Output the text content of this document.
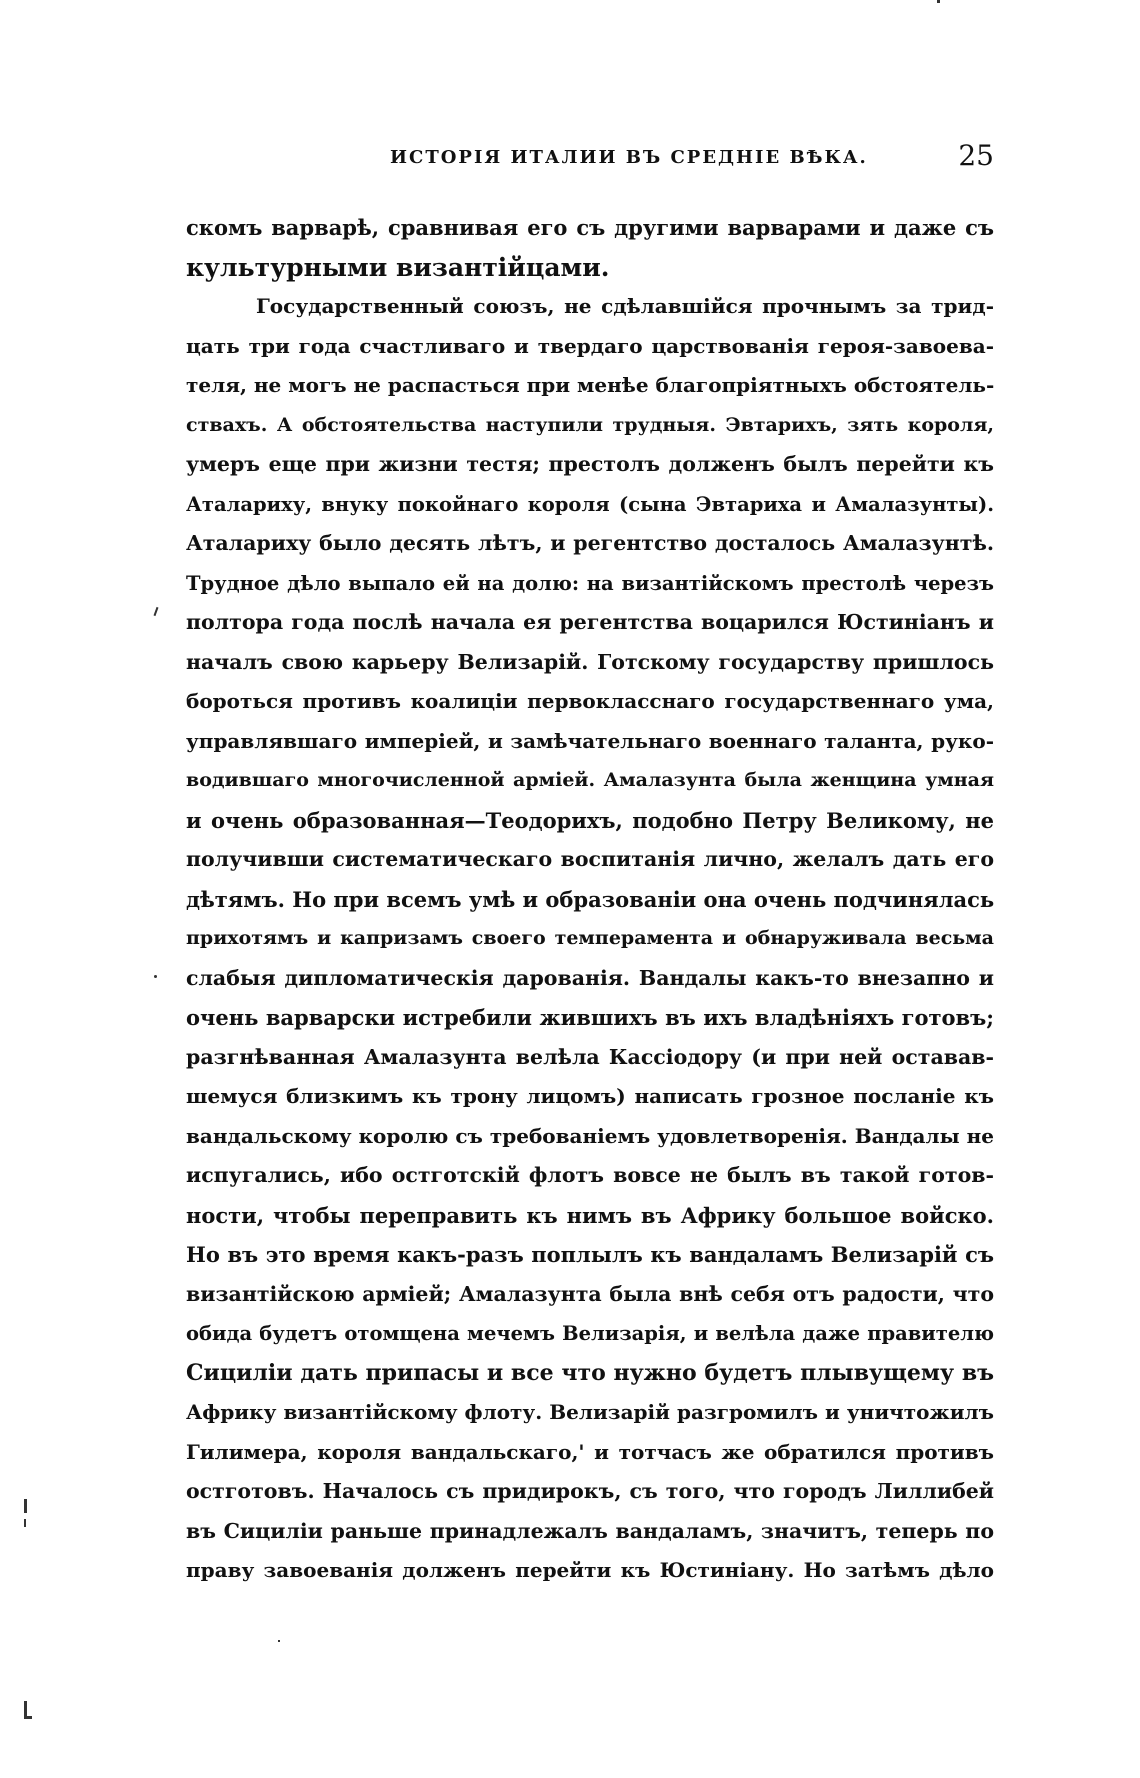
ИСТОРІЯ ИТАЛИИ ВЪ СРЕДНІЕ ВѢКА.	25
скомъ варварѣ, сравнивая его съ другими варварами и даже съ
культурными византійцами.
Государственный союзъ, не сдѣлавшійся прочнымъ за трид-
цать три года счастливаго и твердаго царствованія героя-завоева-
теля, не могъ не распасться при менѣе благопріятныхъ обстоятель-
ствахъ. А обстоятельства наступили трудныя. Эвтарихъ, зять короля,
умеръ еще при жизни тестя; престолъ долженъ былъ перейти къ
Аталариху, внуку покойнаго короля (сына Эвтариха и Амалазунты).
Аталариху было десять лѣтъ, и регентство досталось Амалазунтѣ.
Трудное дѣло выпало ей на долю: на византійскомъ престолѣ черезъ
полтора года послѣ начала ея регентства воцарился Юстиніанъ и
началъ свою карьеру Велизарій. Готскому государству пришлось
бороться противъ коалиціи первокласснаго государственнаго ума,
управлявшаго имперіей, и замѣчательнаго военнаго таланта, руко-
водившаго многочисленной арміей. Амалазунта была женщина умная
и очень образованная—Теодорихъ, подобно Петру Великому, не
получивши систематическаго воспитанія лично, желалъ дать его
дѣтямъ. Но при всемъ умѣ и образованіи она очень подчинялась
прихотямъ и капризамъ своего темперамента и обнаруживала весьма
слабыя дипломатическія дарованія. Вандалы какъ-то внезапно и
очень варварски истребили жившихъ въ ихъ владѣніяхъ готовъ;
разгнѣванная Амалазунта велѣла Кассіодору (и при ней оставав-
шемуся близкимъ къ трону лицомъ) написать грозное посланіе къ
вандальскому королю съ требованіемъ удовлетворенія. Вандалы не
испугались, ибо остготскій флотъ вовсе не былъ въ такой готов-
ности, чтобы переправить къ нимъ въ Африку большое войско.
Но въ это время какъ-разъ поплылъ къ вандаламъ Велизарій съ
византійскою арміей; Амалазунта была внѣ себя отъ радости, что
обида будетъ отомщена мечемъ Велизарія, и велѣла даже правителю
Сициліи дать припасы и все что нужно будетъ плывущему въ
Африку византійскому флоту. Велизарій разгромилъ и уничтожилъ
Гилимера, короля вандальскаго,' и тотчасъ же обратился противъ
остготовъ. Началось съ придирокъ, съ того, что городъ Лиллибей
въ Сициліи раньше принадлежалъ вандаламъ, значитъ, теперь по
праву завоеванія долженъ перейти къ Юстиніану. Но затѣмъ дѣло
